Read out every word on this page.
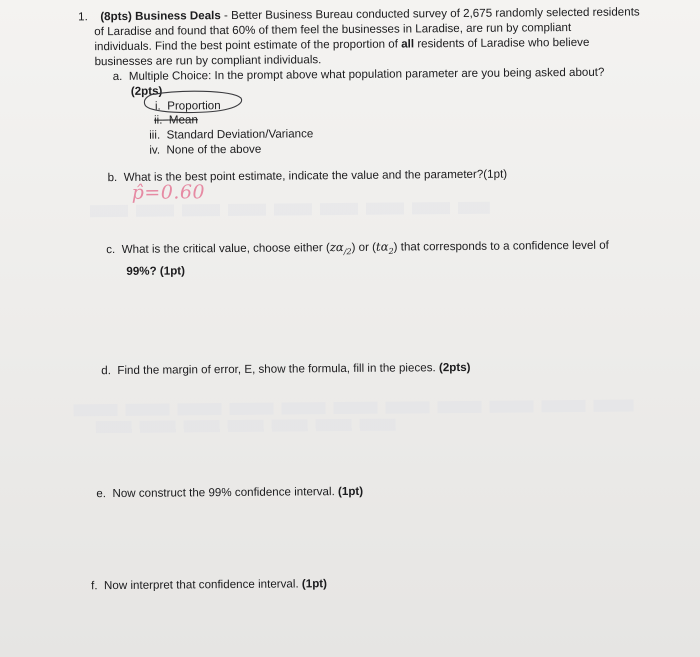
1. (8pts) Business Deals - Better Business Bureau conducted survey of 2,675 randomly selected residents
of Laradise and found that 60% of them feel the businesses in Laradise, are run by compliant
individuals. Find the best point estimate of the proportion of all residents of Laradise who believe
businesses are run by compliant individuals.
a. Multiple Choice: In the prompt above what population parameter are you being asked about?
(2pts)
i. Proportion
ii. Mean
iii. Standard Deviation/Variance
iv. None of the above
b. What is the best point estimate, indicate the value and the parameter?(1pt)
p̂=0.60
c. What is the critical value, choose either $(z\alpha_{/2})$ or $(t\alpha_2)$ that corresponds to a confidence level of
99%? (1pt)
d. Find the margin of error, E, show the formula, fill in the pieces. (2pts)
e. Now construct the 99% confidence interval. (1pt)
f. Now interpret that confidence interval. (1pt)
